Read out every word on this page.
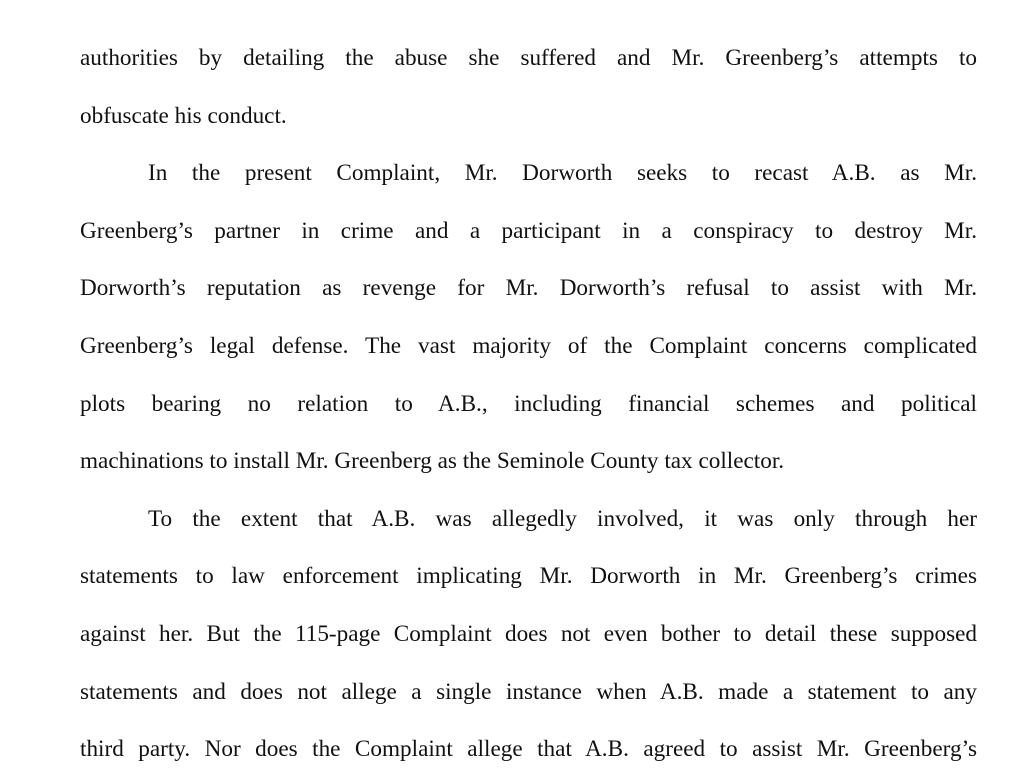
authorities by detailing the abuse she suffered and Mr. Greenberg’s attempts to
obfuscate his conduct.
In the present Complaint, Mr. Dorworth seeks to recast A.B. as Mr.
Greenberg’s partner in crime and a participant in a conspiracy to destroy Mr.
Dorworth’s reputation as revenge for Mr. Dorworth’s refusal to assist with Mr.
Greenberg’s legal defense. The vast majority of the Complaint concerns complicated
plots bearing no relation to A.B., including financial schemes and political
machinations to install Mr. Greenberg as the Seminole County tax collector.
To the extent that A.B. was allegedly involved, it was only through her
statements to law enforcement implicating Mr. Dorworth in Mr. Greenberg’s crimes
against her. But the 115-page Complaint does not even bother to detail these supposed
statements and does not allege a single instance when A.B. made a statement to any
third party. Nor does the Complaint allege that A.B. agreed to assist Mr. Greenberg’s
